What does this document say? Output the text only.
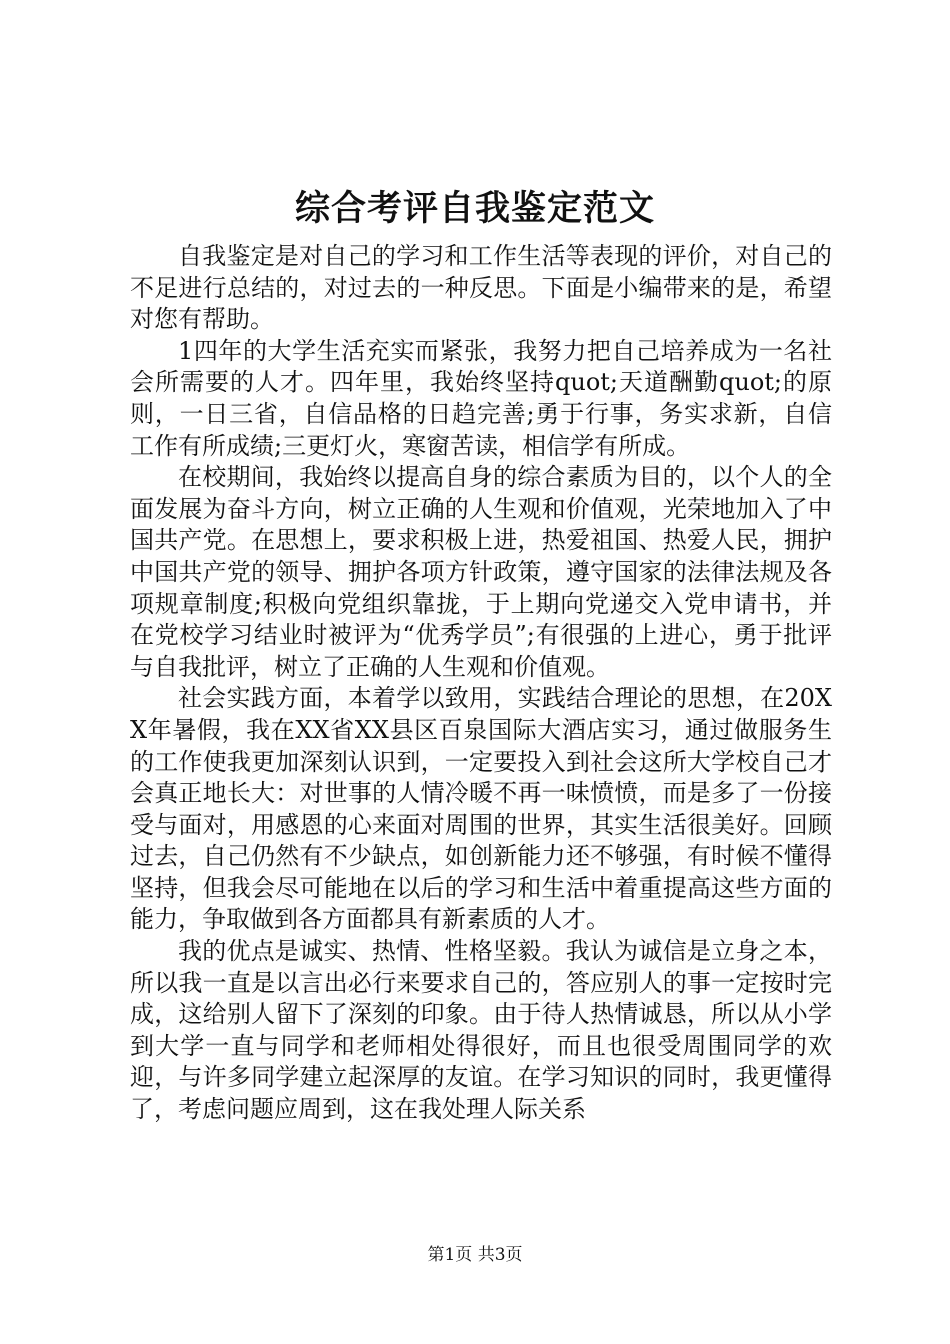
综合考评自我鉴定范文

自我鉴定是对自己的学习和工作生活等表现的评价，对自己的不足进行总结的，对过去的一种反思。下面是小编带来的是，希望对您有帮助。

1四年的大学生活充实而紧张，我努力把自己培养成为一名社会所需要的人才。四年里，我始终坚持quot;天道酬勤quot;的原则，一日三省，自信品格的日趋完善;勇于行事，务实求新，自信工作有所成绩;三更灯火，寒窗苦读，相信学有所成。

在校期间，我始终以提高自身的综合素质为目的，以个人的全面发展为奋斗方向，树立正确的人生观和价值观，光荣地加入了中国共产党。在思想上，要求积极上进，热爱祖国、热爱人民，拥护中国共产党的领导、拥护各项方针政策，遵守国家的法律法规及各项规章制度;积极向党组织靠拢，于上期向党递交入党申请书，并在党校学习结业时被评为“优秀学员”;有很强的上进心，勇于批评与自我批评，树立了正确的人生观和价值观。

社会实践方面，本着学以致用，实践结合理论的思想，在20XX年暑假，我在XX省XX县区百泉国际大酒店实习，通过做服务生的工作使我更加深刻认识到，一定要投入到社会这所大学校自己才会真正地长大：对世事的人情冷暖不再一味愤愤，而是多了一份接受与面对，用感恩的心来面对周围的世界，其实生活很美好。回顾过去，自己仍然有不少缺点，如创新能力还不够强，有时候不懂得坚持，但我会尽可能地在以后的学习和生活中着重提高这些方面的能力，争取做到各方面都具有新素质的人才。

我的优点是诚实、热情、性格坚毅。我认为诚信是立身之本，所以我一直是以言出必行来要求自己的，答应别人的事一定按时完成，这给别人留下了深刻的印象。由于待人热情诚恳，所以从小学到大学一直与同学和老师相处得很好，而且也很受周围同学的欢迎，与许多同学建立起深厚的友谊。在学习知识的同时，我更懂得了，考虑问题应周到，这在我处理人际关系

第1页 共3页
